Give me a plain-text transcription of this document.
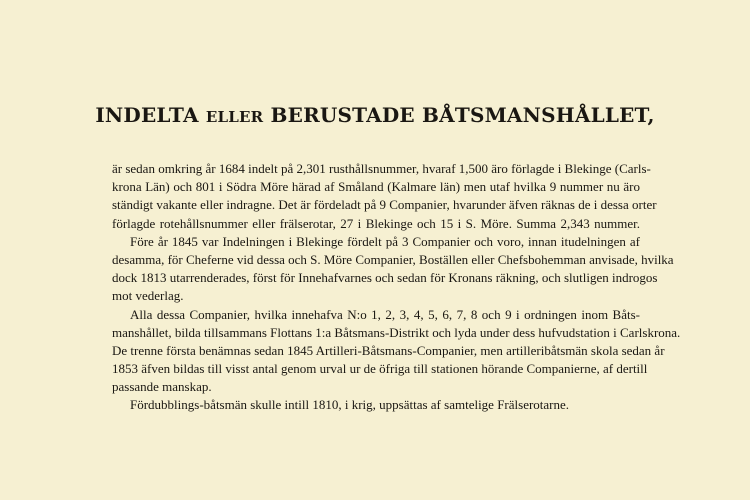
INDELTA ELLER BERUSTADE BÅTSMANSHÅLLET,
är sedan omkring år 1684 indelt på 2,301 rusthållsnummer, hvaraf 1,500 äro förlagde i Blekinge (Carls-
krona Län) och 801 i Södra Möre härad af Småland (Kalmare län) men utaf hvilka 9 nummer nu äro
ständigt vakante eller indragne. Det är fördeladt på 9 Companier, hvarunder äfven räknas de i dessa orter
förlagde rotehållsnummer eller frälserotar, 27 i Blekinge och 15 i S. Möre. Summa 2,343 nummer.
Före år 1845 var Indelningen i Blekinge fördelt på 3 Companier och voro, innan itudelningen af
desamma, för Cheferne vid dessa och S. Möre Companier, Boställen eller Chefsbohemman anvisade, hvilka
dock 1813 utarrenderades, först för Innehafvarnes och sedan för Kronans räkning, och slutligen indrogos
mot vederlag.
Alla dessa Companier, hvilka innehafva N:o 1, 2, 3, 4, 5, 6, 7, 8 och 9 i ordningen inom Båts-
manshållet, bilda tillsammans Flottans 1:a Båtsmans-Distrikt och lyda under dess hufvudstation i Carlskrona.
De trenne första benämnas sedan 1845 Artilleri-Båtsmans-Companier, men artilleribåtsmän skola sedan år
1853 äfven bildas till visst antal genom urval ur de öfriga till stationen hörande Companierne, af dertill
passande manskap.
Fördubblings-båtsmän skulle intill 1810, i krig, uppsättas af samtelige Frälserotarne.
